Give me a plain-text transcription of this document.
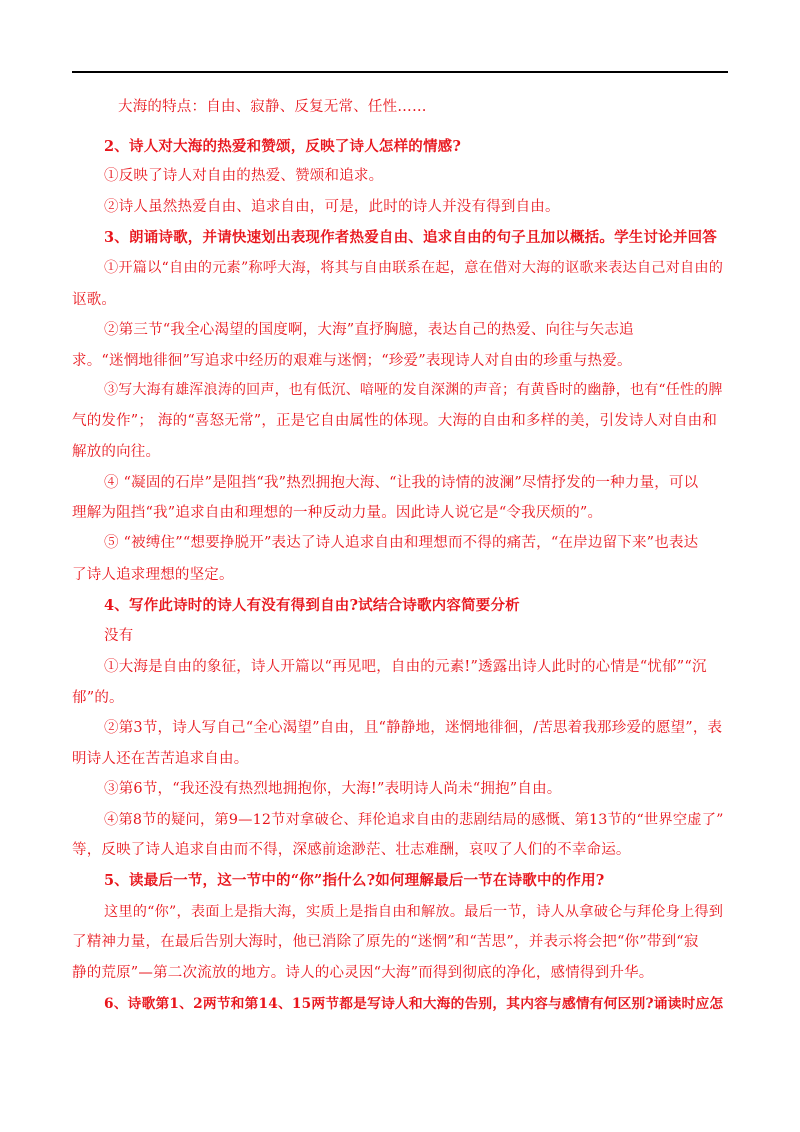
大海的特点：自由、寂静、反复无常、任性……
2、诗人对大海的热爱和赞颂，反映了诗人怎样的情感?
①反映了诗人对自由的热爱、赞颂和追求。
②诗人虽然热爱自由、追求自由，可是，此时的诗人并没有得到自由。
3、朗诵诗歌，并请快速划出表现作者热爱自由、追求自由的句子且加以概括。学生讨论并回答
①开篇以“自由的元素”称呼大海，将其与自由联系在起，意在借对大海的讴歌来表达自己对自由的
讴歌。
②第三节“我全心渴望的国度啊，大海”直抒胸臆，表达自己的热爱、向往与矢志追
求。“迷惘地徘徊”写追求中经历的艰难与迷惘；“珍爱”表现诗人对自由的珍重与热爱。
③写大海有雄浑浪涛的回声，也有低沉、喑哑的发自深渊的声音；有黄昏时的幽静，也有“任性的脾
气的发作”； 海的“喜怒无常”，正是它自由属性的体现。大海的自由和多样的美，引发诗人对自由和
解放的向往。
④ “凝固的石岸”是阻挡“我”热烈拥抱大海、“让我的诗情的波澜”尽情抒发的一种力量，可以
理解为阻挡“我”追求自由和理想的一种反动力量。因此诗人说它是“令我厌烦的”。
⑤ “被缚住”“想要挣脱开”表达了诗人追求自由和理想而不得的痛苦，“在岸边留下来”也表达
了诗人追求理想的坚定。
4、写作此诗时的诗人有没有得到自由?试结合诗歌内容简要分析
没有
①大海是自由的象征，诗人开篇以“再见吧，自由的元素!”透露出诗人此时的心情是“忧郁”“沉
郁”的。
②第3节，诗人写自己“全心渴望”自由，且“静静地，迷惘地徘徊，/苦思着我那珍爱的愿望”，表
明诗人还在苦苦追求自由。
③第6节，“我还没有热烈地拥抱你，大海!”表明诗人尚未“拥抱”自由。
④第8节的疑问，第9—12节对拿破仑、拜伦追求自由的悲剧结局的感慨、第13节的“世界空虚了”
等，反映了诗人追求自由而不得，深感前途渺茫、壮志难酬，哀叹了人们的不幸命运。
5、读最后一节，这一节中的“你”指什么?如何理解最后一节在诗歌中的作用?
这里的“你”，表面上是指大海，实质上是指自由和解放。最后一节，诗人从拿破仑与拜伦身上得到
了精神力量，在最后告别大海时，他已消除了原先的“迷惘”和“苦思”，并表示将会把“你”带到“寂
静的荒原”—第二次流放的地方。诗人的心灵因“大海”而得到彻底的净化，感情得到升华。
6、诗歌第1、2两节和第14、15两节都是写诗人和大海的告别，其内容与感情有何区别?诵读时应怎
